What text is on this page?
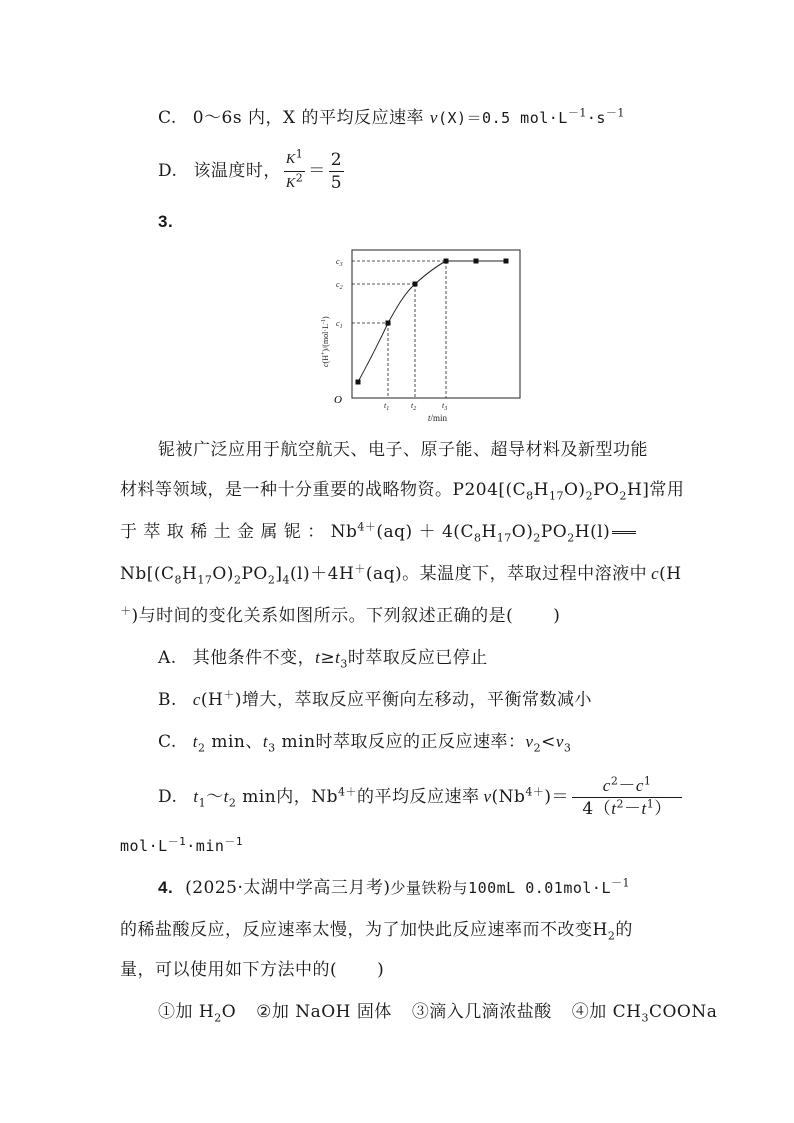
C. 0～6s 内，X 的平均反应速率 v(X)＝0.5 $mol\cdot L^{-1}\cdot s^{-1}$
D. 该温度时， $\frac{K^1}{K^2} = \frac{2}{5}$
3.
O
$c_3$
$c_2$
$c_1$
$t_1$	$t_2$	$t_3$
t/min
$c(H^+)/(mol\cdot L^{-1})$
铌被广泛应用于航空航天、电子、原子能、超导材料及新型功能
材料等领域，是一种十分重要的战略物资。$P204[(C_8H_{17}O)_2PO_2H]$常用
于 萃 取 稀 土 金 属 铌 ： $Nb^{4+}(aq) + 4(C_8H_{17}O)_2PO_2H(l)$
$Nb[(C_8H_{17}O)_2PO_2]_4(l)+4H^+(aq)$。某温度下，萃取过程中溶液中 c(H
＋)与时间的变化关系如图所示。下列叙述正确的是( )
A. 其他条件不变，$t\ge t_3$时萃取反应已停止
B. c(H＋)增大，萃取反应平衡向左移动，平衡常数减小
C. $t_2$ min、$t_3$ min时萃取反应的正反应速率：$v_2<v_3$
D. $t_1\sim t_2$ min内，$Nb^{4+}$的平均反应速率 $v(Nb^{4+})= \frac{c^2-c^1}{4(t^2-t^1)}$
$mol\cdot L^{-1}\cdot\min^{-1}$
4. (2025·太湖中学高三月考)少量铁粉与100mL $0.01mol\cdot L^{-1}$
的稀盐酸反应，反应速率太慢，为了加快此反应速率而不改变$H_2$的
量，可以使用如下方法中的( )
①加 $H_2O$ ②加 NaOH 固体 ③滴入几滴浓盐酸 ④加 $CH_3COONa$
